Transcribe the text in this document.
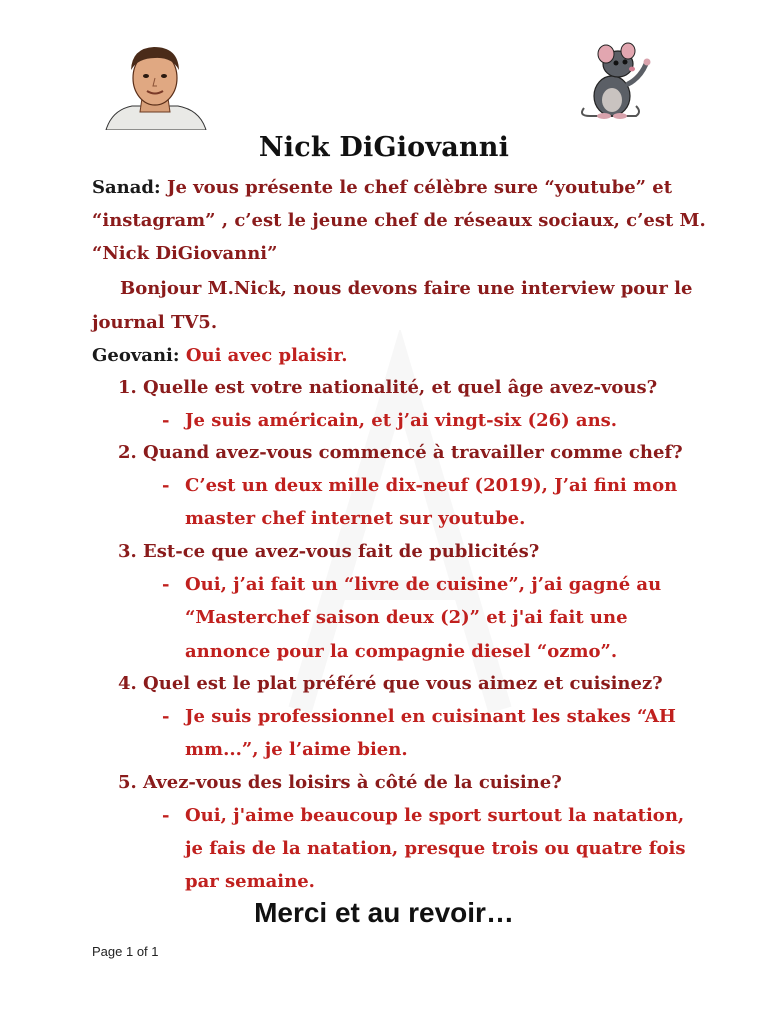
Nick DiGiovanni
Sanad: Je vous présente le chef célèbre sure “youtube” et
“instagram” , c’est le jeune chef de réseaux sociaux, c’est M.
“Nick DiGiovanni”
Bonjour M.Nick, nous devons faire une interview pour le
journal TV5.
Geovani: Oui avec plaisir.
1. Quelle est votre nationalité, et quel âge avez-vous?
- Je suis américain, et j’ai vingt-six (26) ans.
2. Quand avez-vous commencé à travailler comme chef?
- C’est un deux mille dix-neuf (2019), J’ai fini mon
master chef internet sur youtube.
3. Est-ce que avez-vous fait de publicités?
- Oui, j’ai fait un “livre de cuisine”, j’ai gagné au
“Masterchef saison deux (2)” et j'ai fait une
annonce pour la compagnie diesel “ozmo”.
4. Quel est le plat préféré que vous aimez et cuisinez?
- Je suis professionnel en cuisinant les stakes “AH
mm...”, je l’aime bien.
5. Avez-vous des loisirs à côté de la cuisine?
- Oui, j'aime beaucoup le sport surtout la natation,
je fais de la natation, presque trois ou quatre fois
par semaine.
Merci et au revoir…
Page 1 of 1
